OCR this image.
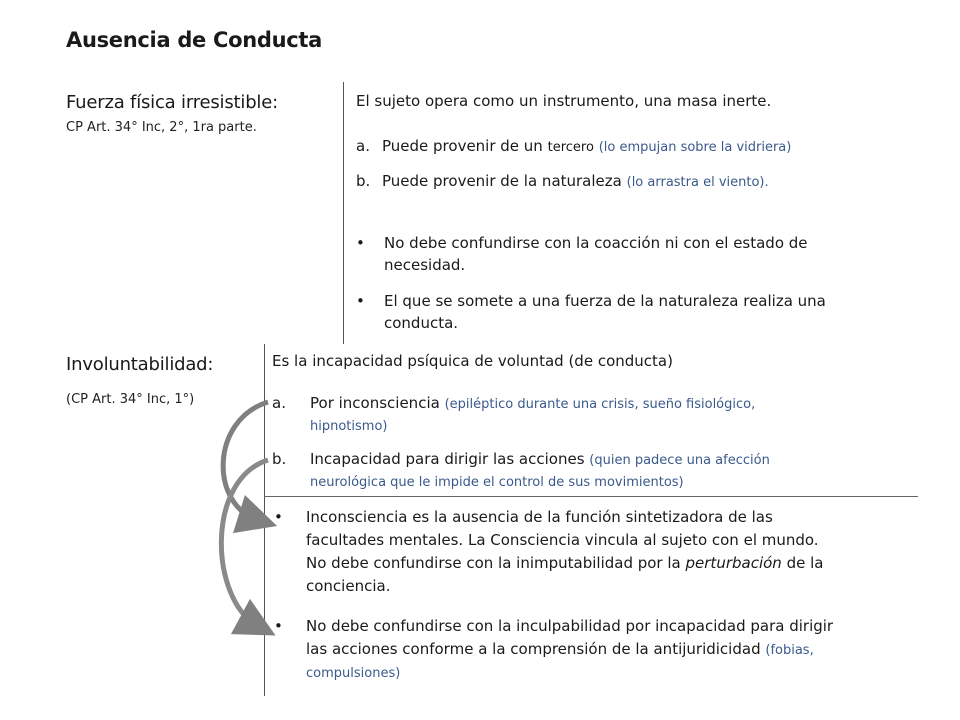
Ausencia de Conducta
Fuerza física irresistible:
CP Art. 34° Inc, 2°, 1ra parte.
El sujeto opera como un instrumento, una masa inerte.
a. Puede provenir de un tercero (lo empujan sobre la vidriera)
b. Puede provenir de la naturaleza (lo arrastra el viento).
• No debe confundirse con la coacción ni con el estado de
necesidad.
• El que se somete a una fuerza de la naturaleza realiza una
conducta.
Involuntabilidad:
(CP Art. 34° Inc, 1°)
Es la incapacidad psíquica de voluntad (de conducta)
a. Por inconsciencia (epiléptico durante una crisis, sueño fisiológico,
hipnotismo)
b. Incapacidad para dirigir las acciones (quien padece una afección
neurológica que le impide el control de sus movimientos)
• Inconsciencia es la ausencia de la función sintetizadora de las
facultades mentales. La Consciencia vincula al sujeto con el mundo.
No debe confundirse con la inimputabilidad por la perturbación de la
conciencia.
• No debe confundirse con la inculpabilidad por incapacidad para dirigir
las acciones conforme a la comprensión de la antijuridicidad (fobias,
compulsiones)
